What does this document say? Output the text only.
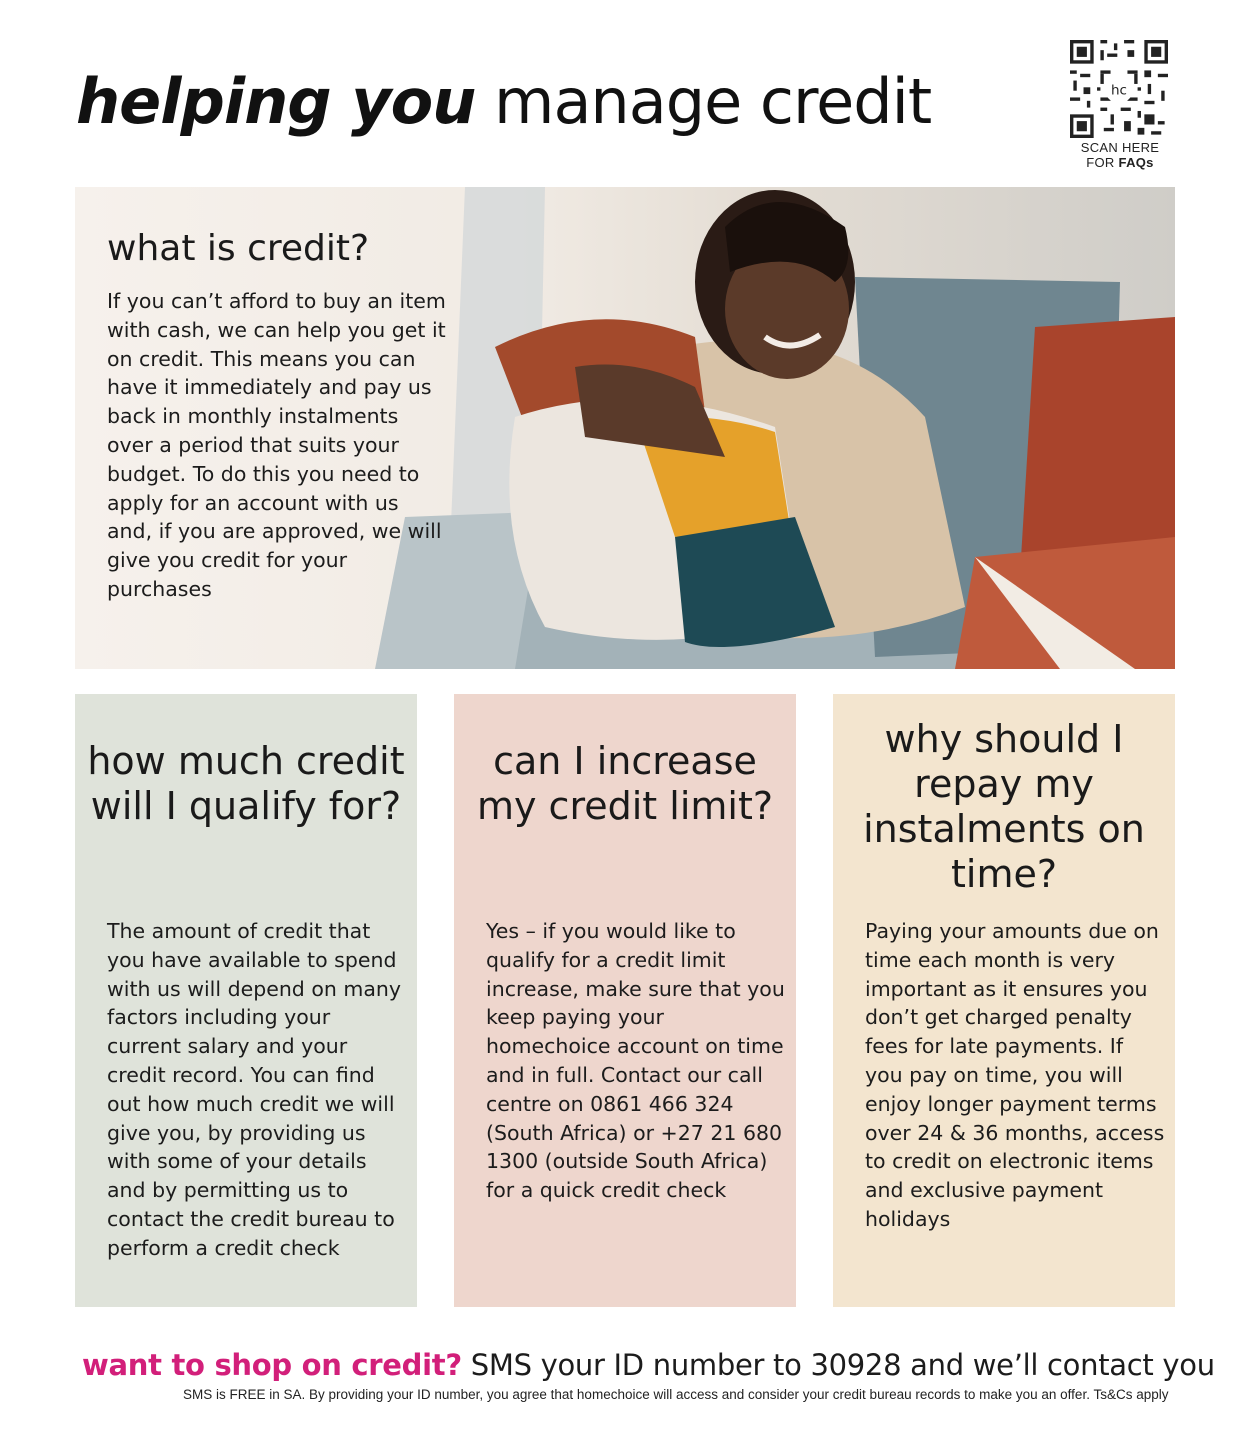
helping you manage credit	hc
SCAN HERE
FOR FAQs
what is credit?

If you can’t afford to buy an item with cash, we can help you get it on credit. This means you can have it immediately and pay us back in monthly instalments over a period that suits your budget. To do this you need to apply for an account with us and, if you are approved, we will give you credit for your purchases

how much credit will I qualify for?

The amount of credit that you have available to spend with us will depend on many factors including your current salary and your credit record. You can find out how much credit we will give you, by providing us with some of your details and by permitting us to contact the credit bureau to perform a credit check

can I increase my credit limit?

Yes – if you would like to qualify for a credit limit increase, make sure that you keep paying your homechoice account on time and in full. Contact our call centre on 0861 466 324 (South Africa) or +27 21 680 1300 (outside South Africa) for a quick credit check

why should I repay my instalments on time?

Paying your amounts due on time each month is very important as it ensures you don’t get charged penalty fees for late payments. If you pay on time, you will enjoy longer payment terms over 24 & 36 months, access to credit on electronic items and exclusive payment holidays

want to shop on credit? SMS your ID number to 30928 and we’ll contact you

SMS is FREE in SA. By providing your ID number, you agree that homechoice will access and consider your credit bureau records to make you an offer. Ts&Cs apply
